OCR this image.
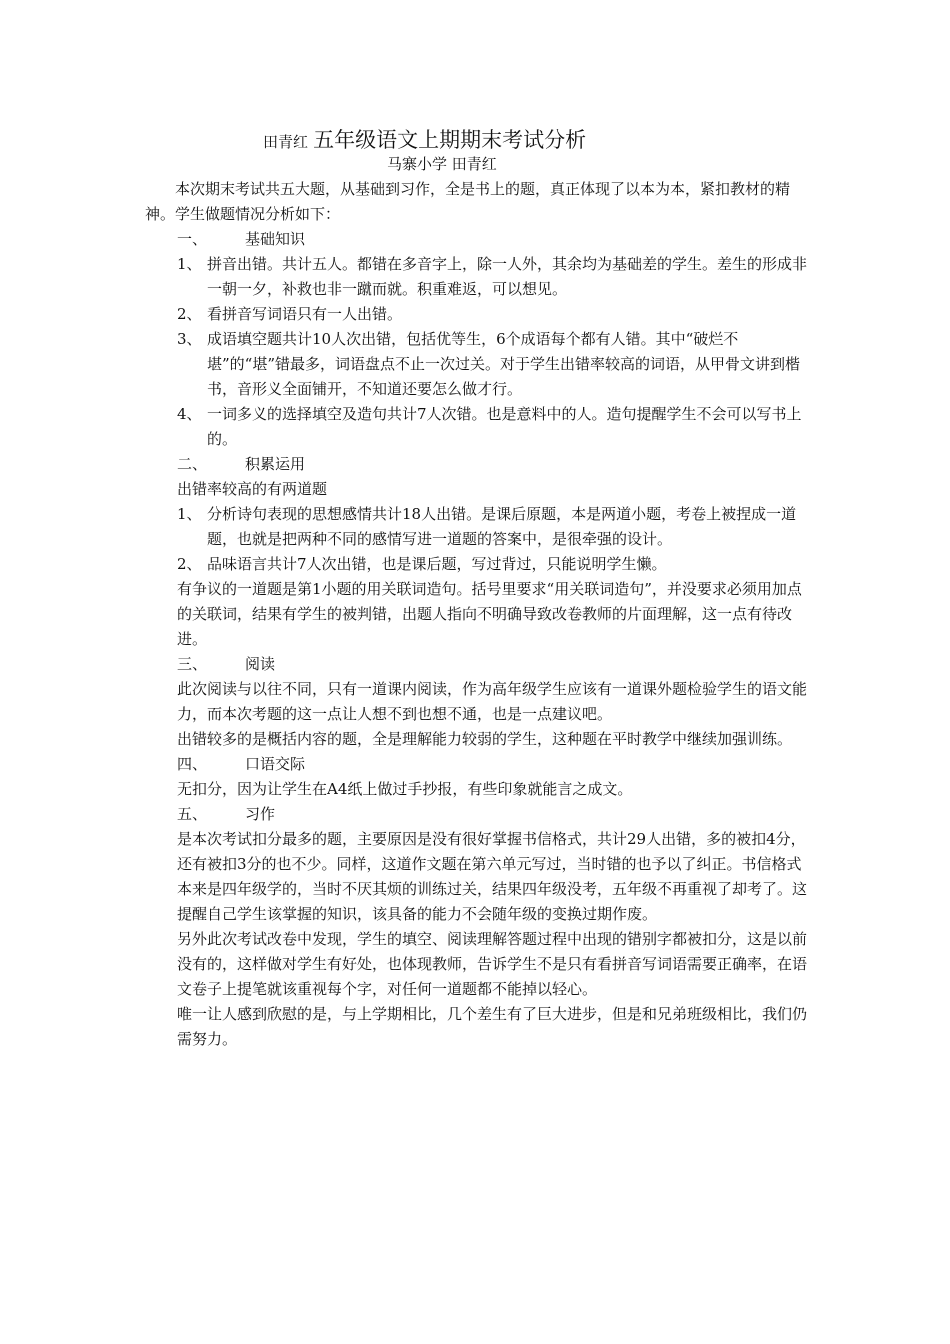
田青红 五年级语文上期期末考试分析
马寨小学 田青红

本次期末考试共五大题，从基础到习作，全是书上的题，真正体现了以本为本，紧扣教材的精神。学生做题情况分析如下：

一、	基础知识
1、 拼音出错。共计五人。都错在多音字上，除一人外，其余均为基础差的学生。差生的形成非一朝一夕，补救也非一蹴而就。积重难返，可以想见。
2、 看拼音写词语只有一人出错。
3、 成语填空题共计10人次出错，包括优等生，6个成语每个都有人错。其中“破烂不堪”的“堪”错最多，词语盘点不止一次过关。对于学生出错率较高的词语，从甲骨文讲到楷书，音形义全面铺开，不知道还要怎么做才行。
4、 一词多义的选择填空及造句共计7人次错。也是意料中的人。造句提醒学生不会可以写书上的。
二、	积累运用

出错率较高的有两道题

1、 分析诗句表现的思想感情共计18人出错。是课后原题，本是两道小题，考卷上被捏成一道题，也就是把两种不同的感情写进一道题的答案中，是很牵强的设计。
2、 品味语言共计7人次出错，也是课后题，写过背过，只能说明学生懒。

有争议的一道题是第1小题的用关联词造句。括号里要求“用关联词造句”，并没要求必须用加点的关联词，结果有学生的被判错，出题人指向不明确导致改卷教师的片面理解，这一点有待改进。

三、	阅读

此次阅读与以往不同，只有一道课内阅读，作为高年级学生应该有一道课外题检验学生的语文能力，而本次考题的这一点让人想不到也想不通，也是一点建议吧。

出错较多的是概括内容的题，全是理解能力较弱的学生，这种题在平时教学中继续加强训练。

四、	口语交际

无扣分，因为让学生在A4纸上做过手抄报，有些印象就能言之成文。

五、	习作

是本次考试扣分最多的题，主要原因是没有很好掌握书信格式，共计29人出错，多的被扣4分，还有被扣3分的也不少。同样，这道作文题在第六单元写过，当时错的也予以了纠正。书信格式本来是四年级学的，当时不厌其烦的训练过关，结果四年级没考，五年级不再重视了却考了。这提醒自己学生该掌握的知识，该具备的能力不会随年级的变换过期作废。

另外此次考试改卷中发现，学生的填空、阅读理解答题过程中出现的错别字都被扣分，这是以前没有的，这样做对学生有好处，也体现教师，告诉学生不是只有看拼音写词语需要正确率，在语文卷子上提笔就该重视每个字，对任何一道题都不能掉以轻心。

唯一让人感到欣慰的是，与上学期相比，几个差生有了巨大进步，但是和兄弟班级相比，我们仍需努力。
